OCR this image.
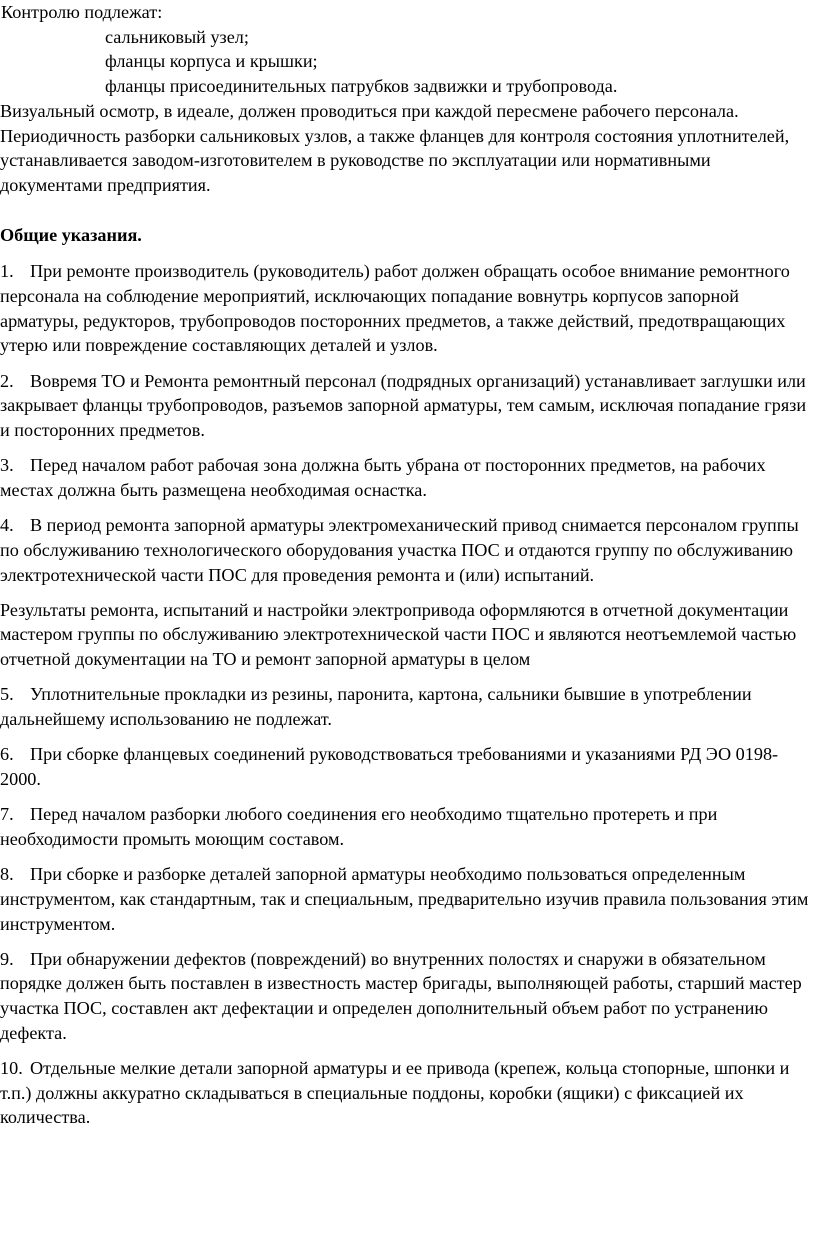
Контролю подлежат:

сальниковый узел;
фланцы корпуса и крышки;
фланцы присоединительных патрубков задвижки и трубопровода.

Визуальный осмотр, в идеале, должен проводиться при каждой пересмене рабочего персонала. Периодичность разборки сальниковых узлов, а также фланцев для контроля состояния уплотнителей, устанавливается заводом-изготовителем в руководстве по эксплуатации или нормативными документами предприятия.

Общие указания.

1. При ремонте производитель (руководитель) работ должен обращать особое внимание ремонтного персонала на соблюдение мероприятий, исключающих попадание вовнутрь корпусов запорной арматуры, редукторов, трубопроводов посторонних предметов, а также действий, предотвращающих утерю или повреждение составляющих деталей и узлов.

2. Вовремя ТО и Ремонта ремонтный персонал (подрядных организаций) устанавливает заглушки или закрывает фланцы трубопроводов, разъемов запорной арматуры, тем самым, исключая попадание грязи и посторонних предметов.

3. Перед началом работ рабочая зона должна быть убрана от посторонних предметов, на рабочих местах должна быть размещена необходимая оснастка.

4. В период ремонта запорной арматуры электромеханический привод снимается персоналом группы по обслуживанию технологического оборудования участка ПОС и отдаются группу по обслуживанию электротехнической части ПОС для проведения ремонта и (или) испытаний.

Результаты ремонта, испытаний и настройки электропривода оформляются в отчетной документации мастером группы по обслуживанию электротехнической части ПОС и являются неотъемлемой частью отчетной документации на ТО и ремонт запорной арматуры в целом

5. Уплотнительные прокладки из резины, паронита, картона, сальники бывшие в употреблении дальнейшему использованию не подлежат.

6. При сборке фланцевых соединений руководствоваться требованиями и указаниями РД ЭО 0198-2000.

7. Перед началом разборки любого соединения его необходимо тщательно протереть и при необходимости промыть моющим составом.

8. При сборке и разборке деталей запорной арматуры необходимо пользоваться определенным инструментом, как стандартным, так и специальным, предварительно изучив правила пользования этим инструментом.

9. При обнаружении дефектов (повреждений) во внутренних полостях и снаружи в обязательном порядке должен быть поставлен в известность мастер бригады, выполняющей работы, старший мастер участка ПОС, составлен акт дефектации и определен дополнительный объем работ по устранению дефекта.

10. Отдельные мелкие детали запорной арматуры и ее привода (крепеж, кольца стопорные, шпонки и т.п.) должны аккуратно складываться в специальные поддоны, коробки (ящики) с фиксацией их количества.
